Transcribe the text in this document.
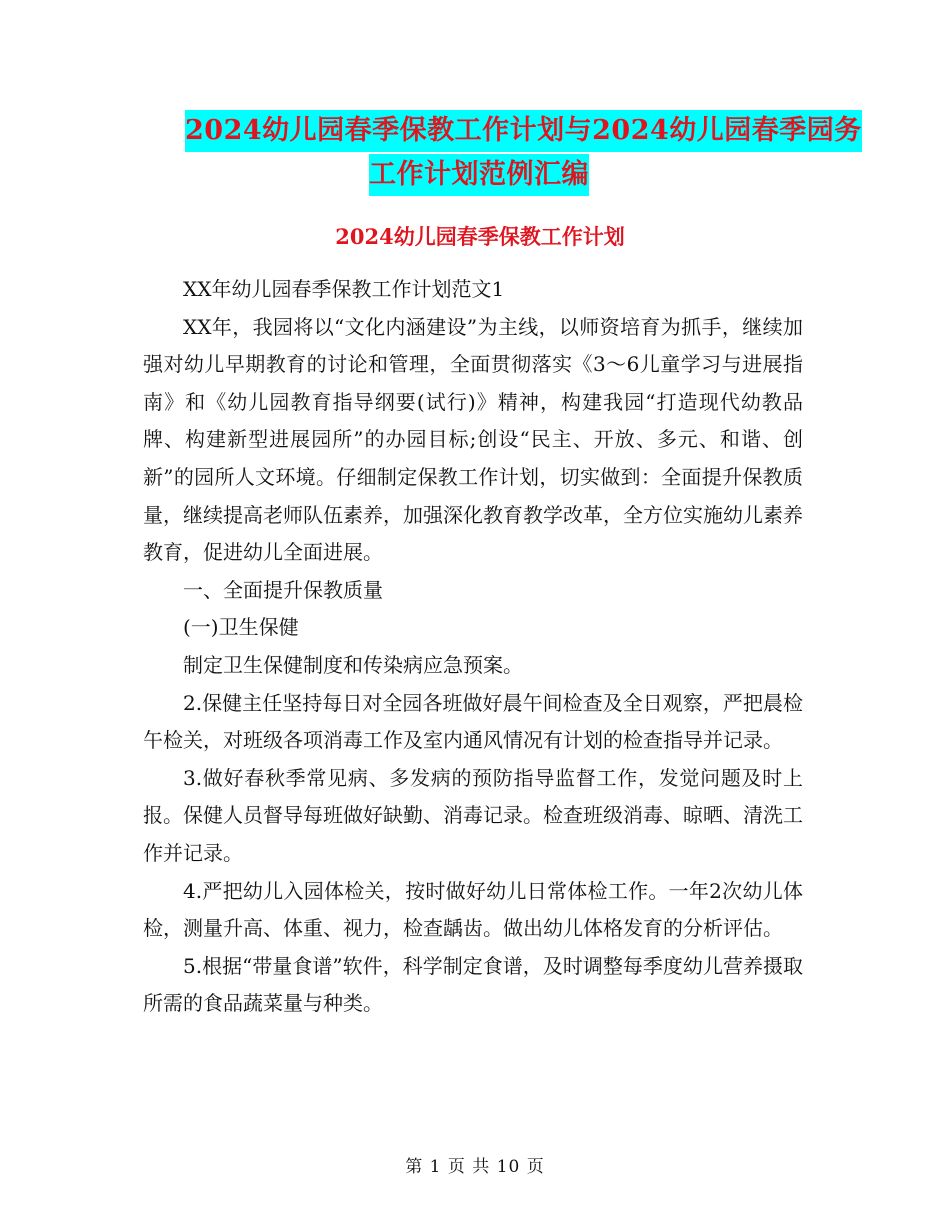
2024幼儿园春季保教工作计划与2024幼儿园春季园务
工作计划范例汇编
2024幼儿园春季保教工作计划

XX年幼儿园春季保教工作计划范文1

XX年，我园将以“文化内涵建设”为主线，以师资培育为抓手，继续加强对幼儿早期教育的讨论和管理，全面贯彻落实《3～6儿童学习与进展指南》和《幼儿园教育指导纲要(试行)》精神，构建我园“打造现代幼教品牌、构建新型进展园所”的办园目标;创设“民主、开放、多元、和谐、创新”的园所人文环境。仔细制定保教工作计划，切实做到：全面提升保教质量，继续提高老师队伍素养，加强深化教育教学改革，全方位实施幼儿素养教育，促进幼儿全面进展。

一、全面提升保教质量

(一)卫生保健

制定卫生保健制度和传染病应急预案。

2.保健主任坚持每日对全园各班做好晨午间检查及全日观察，严把晨检午检关，对班级各项消毒工作及室内通风情况有计划的检查指导并记录。

3.做好春秋季常见病、多发病的预防指导监督工作，发觉问题及时上报。保健人员督导每班做好缺勤、消毒记录。检查班级消毒、晾晒、清洗工作并记录。

4.严把幼儿入园体检关，按时做好幼儿日常体检工作。一年2次幼儿体检，测量升高、体重、视力，检查龋齿。做出幼儿体格发育的分析评估。

5.根据“带量食谱”软件，科学制定食谱，及时调整每季度幼儿营养摄取所需的食品蔬菜量与种类。

第 1 页 共 10 页
